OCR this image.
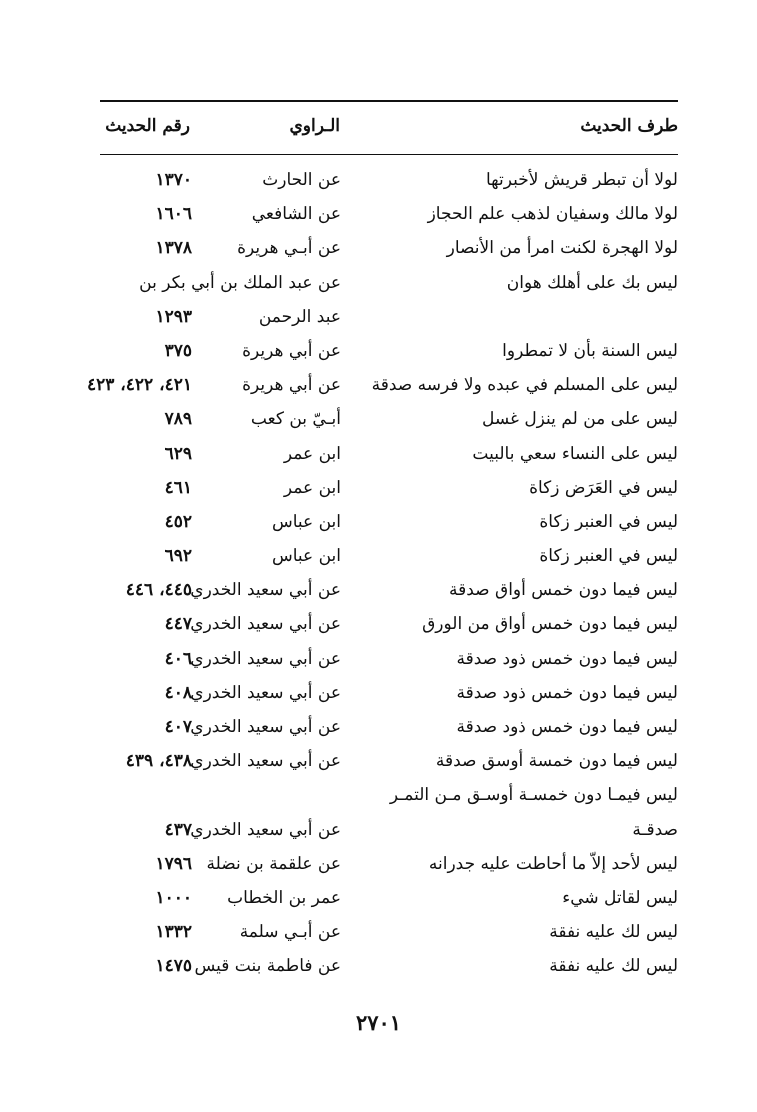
طرف الحديث
الـراوي
رقم الحديث
لولا أن تبطر قريش لأخبرتها
عن الحارث
١٣٧٠
لولا مالك وسفيان لذهب علم الحجاز
عن الشافعي
١٦٠٦
لولا الهجرة لكنت امرأ من الأنصار
عن أبـي هريرة
١٣٧٨
ليس بك على أهلك هوان
عن عبد الملك بن أبي بكر بن
عبد الرحمن
١٢٩٣
ليس السنة بأن لا تمطروا
عن أبي هريرة
٣٧٥
ليس على المسلم في عبده ولا فرسه صدقة
عن أبي هريرة
٤٢١، ٤٢٢، ٤٢٣
ليس على من لم ينزل غسل
أبـيّ بن كعب
٧٨٩
ليس على النساء سعي بالبيت
ابن عمر
٦٢٩
ليس في العَرَض زكاة
ابن عمر
٤٦١
ليس في العنبر زكاة
ابن عباس
٤٥٢
ليس في العنبر زكاة
ابن عباس
٦٩٢
ليس فيما دون خمس أواق صدقة
عن أبي سعيد الخدري
٤٤٥، ٤٤٦
ليس فيما دون خمس أواق من الورق
عن أبي سعيد الخدري
٤٤٧
ليس فيما دون خمس ذود صدقة
عن أبي سعيد الخدري
٤٠٦
ليس فيما دون خمس ذود صدقة
عن أبي سعيد الخدري
٤٠٨
ليس فيما دون خمس ذود صدقة
عن أبي سعيد الخدري
٤٠٧
ليس فيما دون خمسة أوسق صدقة
عن أبي سعيد الخدري
٤٣٨، ٤٣٩
ليس فيمـا دون خمسـة أوسـق مـن التمـر
صدقـة
عن أبي سعيد الخدري
٤٣٧
ليس لأحد إلاّ ما أحاطت عليه جدرانه
عن علقمة بن نضلة
١٧٩٦
ليس لقاتل شيء
عمر بن الخطاب
١٠٠٠
ليس لك عليه نفقة
عن أبـي سلمة
١٣٣٢
ليس لك عليه نفقة
عن فاطمة بنت قيس
١٤٧٥
٢٧٠١
